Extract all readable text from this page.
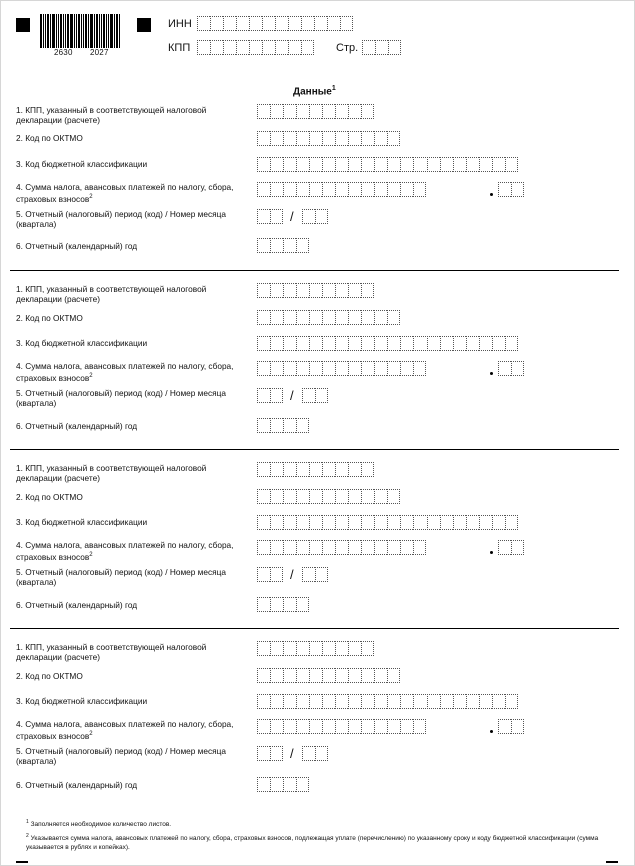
2630 2027
ИНН
КПП	Стр.
Данные$^1$
1. КПП, указанный в соответствующей налоговой декларации (расчете)
2. Код по ОКТМО
3. Код бюджетной классификации
4. Сумма налога, авансовых платежей по налогу, сбора, страховых взносов$^2$
5. Отчетный (налоговый) период (код) / Номер месяца (квартала)	/
6. Отчетный (календарный) год
1. КПП, указанный в соответствующей налоговой декларации (расчете)
2. Код по ОКТМО
3. Код бюджетной классификации
4. Сумма налога, авансовых платежей по налогу, сбора, страховых взносов$^2$
5. Отчетный (налоговый) период (код) / Номер месяца (квартала)	/
6. Отчетный (календарный) год
1. КПП, указанный в соответствующей налоговой декларации (расчете)
2. Код по ОКТМО
3. Код бюджетной классификации
4. Сумма налога, авансовых платежей по налогу, сбора, страховых взносов$^2$
5. Отчетный (налоговый) период (код) / Номер месяца (квартала)	/
6. Отчетный (календарный) год
1. КПП, указанный в соответствующей налоговой декларации (расчете)
2. Код по ОКТМО
3. Код бюджетной классификации
4. Сумма налога, авансовых платежей по налогу, сбора, страховых взносов$^2$
5. Отчетный (налоговый) период (код) / Номер месяца (квартала)	/
6. Отчетный (календарный) год
$^1$ Заполняется необходимое количество листов.
$^2$ Указывается сумма налога, авансовых платежей по налогу, сбора, страховых взносов, подлежащая уплате (перечислению) по указанному сроку и коду бюджетной классификации (сумма указывается в рублях и копейках).
